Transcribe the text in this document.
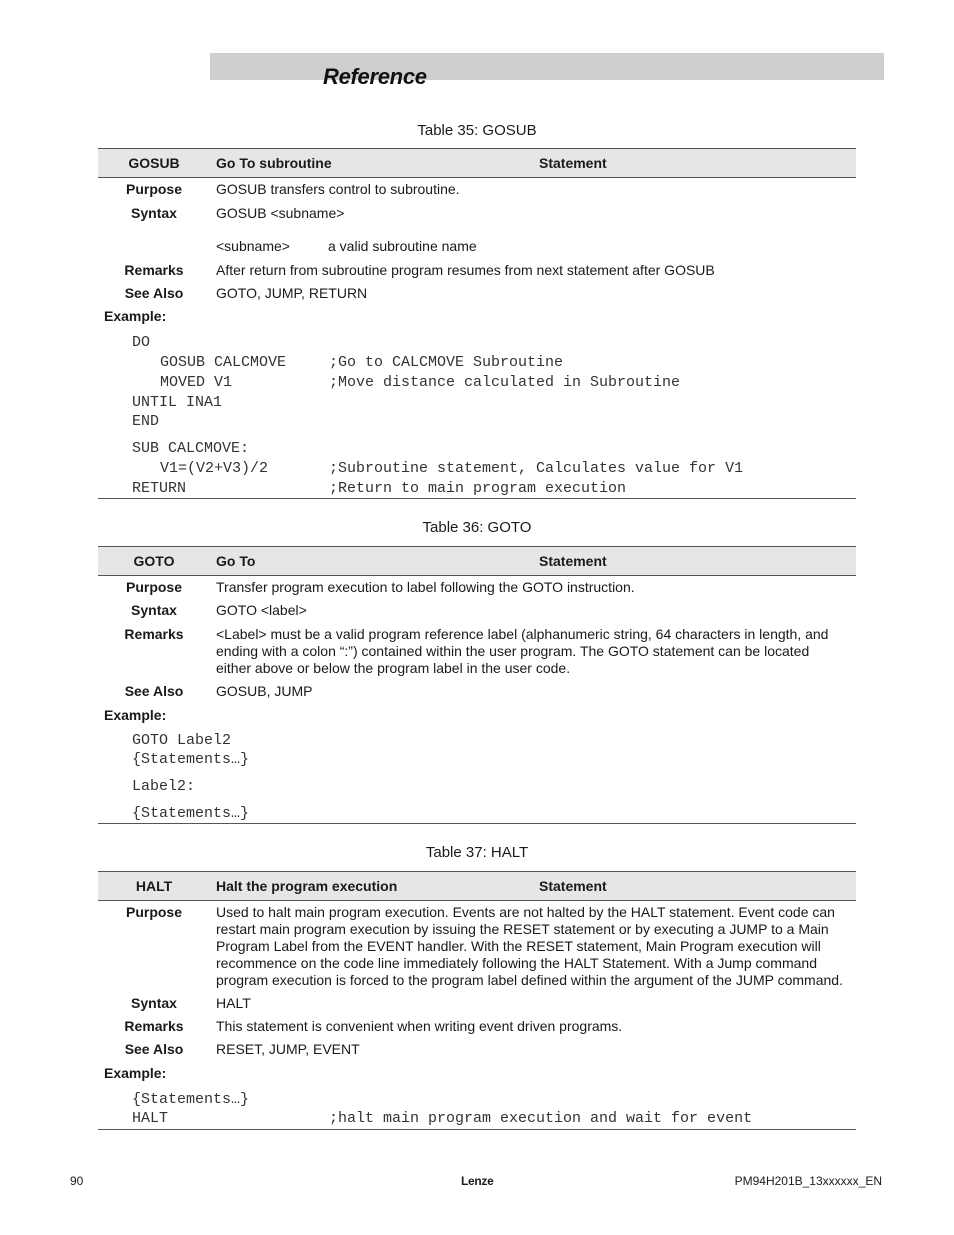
Reference
Table 35: GOSUB
GOSUB	Go To subroutine	Statement
Purpose	GOSUB transfers control to subroutine.
Syntax	GOSUB <subname>
<subname>	a valid subroutine name
Remarks	After return from subroutine program resumes from next statement after GOSUB
See Also	GOTO, JUMP, RETURN
Example:
DO
GOSUB CALCMOVE	;Go to CALCMOVE Subroutine
MOVED V1	;Move distance calculated in Subroutine
UNTIL INA1
END
SUB CALCMOVE:
V1=(V2+V3)/2	;Subroutine statement, Calculates value for V1
RETURN	;Return to main program execution
Table 36: GOTO
GOTO	Go To	Statement
Purpose	Transfer program execution to label following the GOTO instruction.
Syntax	GOTO <label>
Remarks	<Label> must be a valid program reference label (alphanumeric string, 64 characters in length, and ending with a colon “:”) contained within the user program. The GOTO statement can be located either above or below the program label in the user code.
See Also	GOSUB, JUMP
Example:
GOTO Label2
{Statements…}
Label2:
{Statements…}
Table 37: HALT
HALT	Halt the program execution	Statement
Purpose	Used to halt main program execution. Events are not halted by the HALT statement. Event code can restart main program execution by issuing the RESET statement or by executing a JUMP to a Main Program Label from the EVENT handler. With the RESET statement, Main Program execution will recommence on the code line immediately following the HALT Statement. With a Jump command program execution is forced to the program label defined within the argument of the JUMP command.
Syntax	HALT
Remarks	This statement is convenient when writing event driven programs.
See Also	RESET, JUMP, EVENT
Example:
{Statements…}
HALT	;halt main program execution and wait for event
90	Lenze	PM94H201B_13xxxxxx_EN
